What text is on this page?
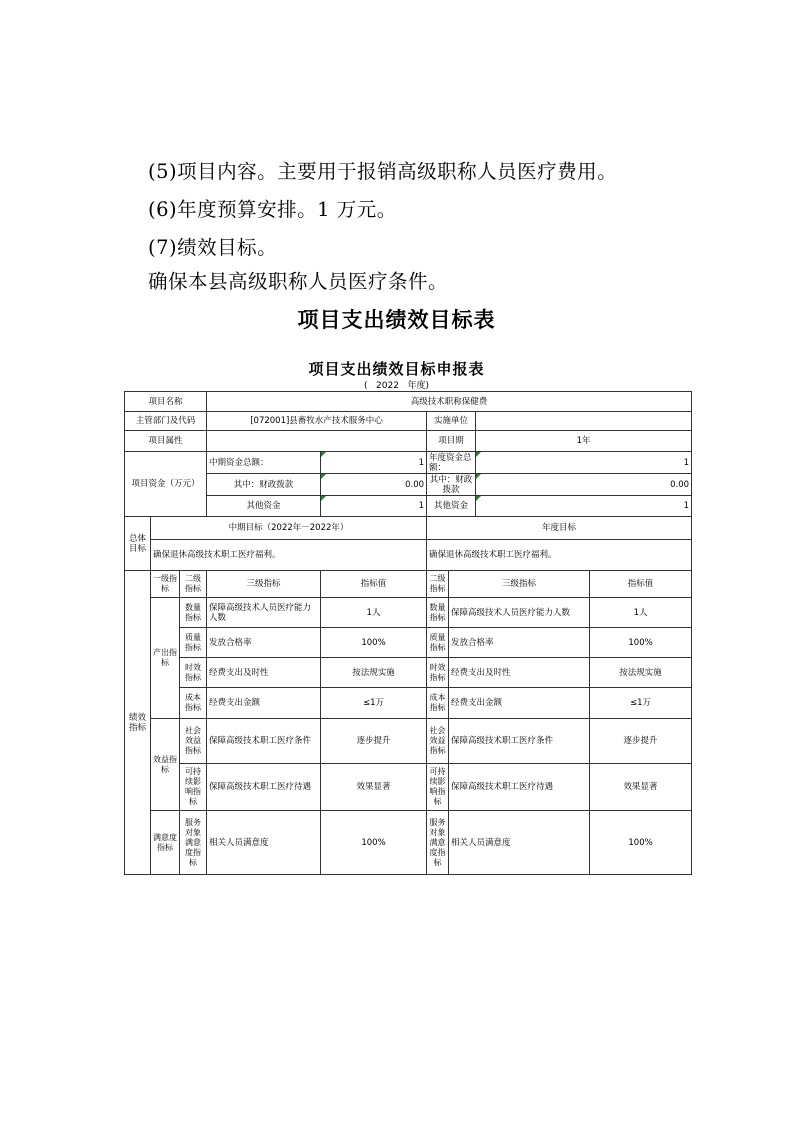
(5)项目内容。主要用于报销高级职称人员医疗费用。
(6)年度预算安排。1 万元。
(7)绩效目标。
确保本县高级职称人员医疗条件。
项目支出绩效目标表
项目支出绩效目标申报表
(   2022   年度)
项目名称			高级技术职称保健费					
主管部门及代码			[072001]县畜牧水产技术服务中心		实施单位			
项目属性					项目期		1年	
项目资金（万元）			中期资金总额：	1	年度资金总额：		1	
			其中：财政拨款	0.00	其中：财政拨款		0.00	
			其他资金	1	其他资金		1	
总体目标	中期目标（2022年－2022年）				年度目标			
	确保退休高级技术职工医疗福利。				确保退休高级技术职工医疗福利。			
绩效指标	一级指标	二级指标	三级指标	指标值	二级指标	三级指标		指标值
	产出指标	数量指标	保障高级技术人员医疗能力人数	1人	数量指标	保障高级技术人员医疗能力人数		1人
		质量指标	发放合格率	100%	质量指标	发放合格率		100%
		时效指标	经费支出及时性	按法规实施	时效指标	经费支出及时性		按法规实施
		成本指标	经费支出金额	≤1万	成本指标	经费支出金额		≤1万
	效益指标	社会效益指标	保障高级技术职工医疗条件	逐步提升	社会效益指标	保障高级技术职工医疗条件		逐步提升
		可持续影响指标	保障高级技术职工医疗待遇	效果显著	可持续影响指标	保障高级技术职工医疗待遇		效果显著
	满意度指标	服务对象满意度指标	相关人员满意度	100%	服务对象满意度指标	相关人员满意度		100%
